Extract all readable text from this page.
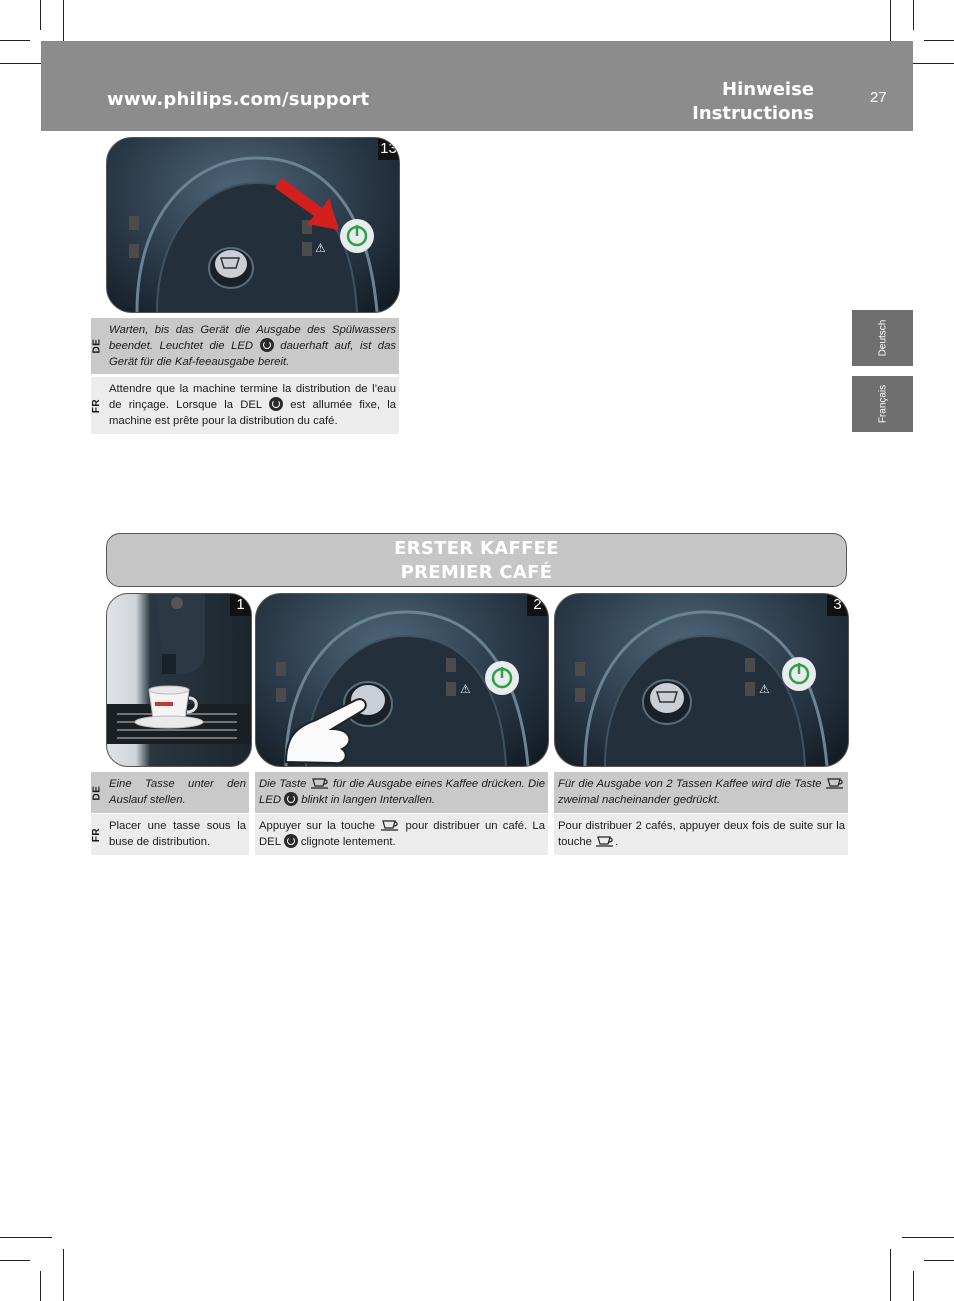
www.philips.com/support	Hinweise
Instructions
27
Deutsch
Français
⚠
13
DE
Warten, bis das Gerät die Ausgabe des Spülwassers beendet. Leuchtet die LED dauerhaft auf, ist das Gerät für die Kaf-feeausgabe bereit.
FR
Attendre que la machine termine la distribution de l’eau de rinçage. Lorsque la DEL	est allumée fixe, la machine est prête pour la distribution du café.
ERSTER KAFFEE
PREMIER CAFÉ
1
⚠
2
⚠
3
DE
Eine Tasse unter den Auslauf stellen.
FR
Placer une tasse sous la buse de distribution.
Die Taste für die Ausgabe eines Kaffee drücken. Die LED blinkt in langen Intervallen.
Appuyer sur la touche	pour distribuer un café. La DEL clignote lentement.
Für die Ausgabe von 2 Tassen Kaffee wird die Taste  zweimal nacheinander gedrückt.
Pour distribuer 2 cafés, appuyer deux fois de suite sur la touche .
